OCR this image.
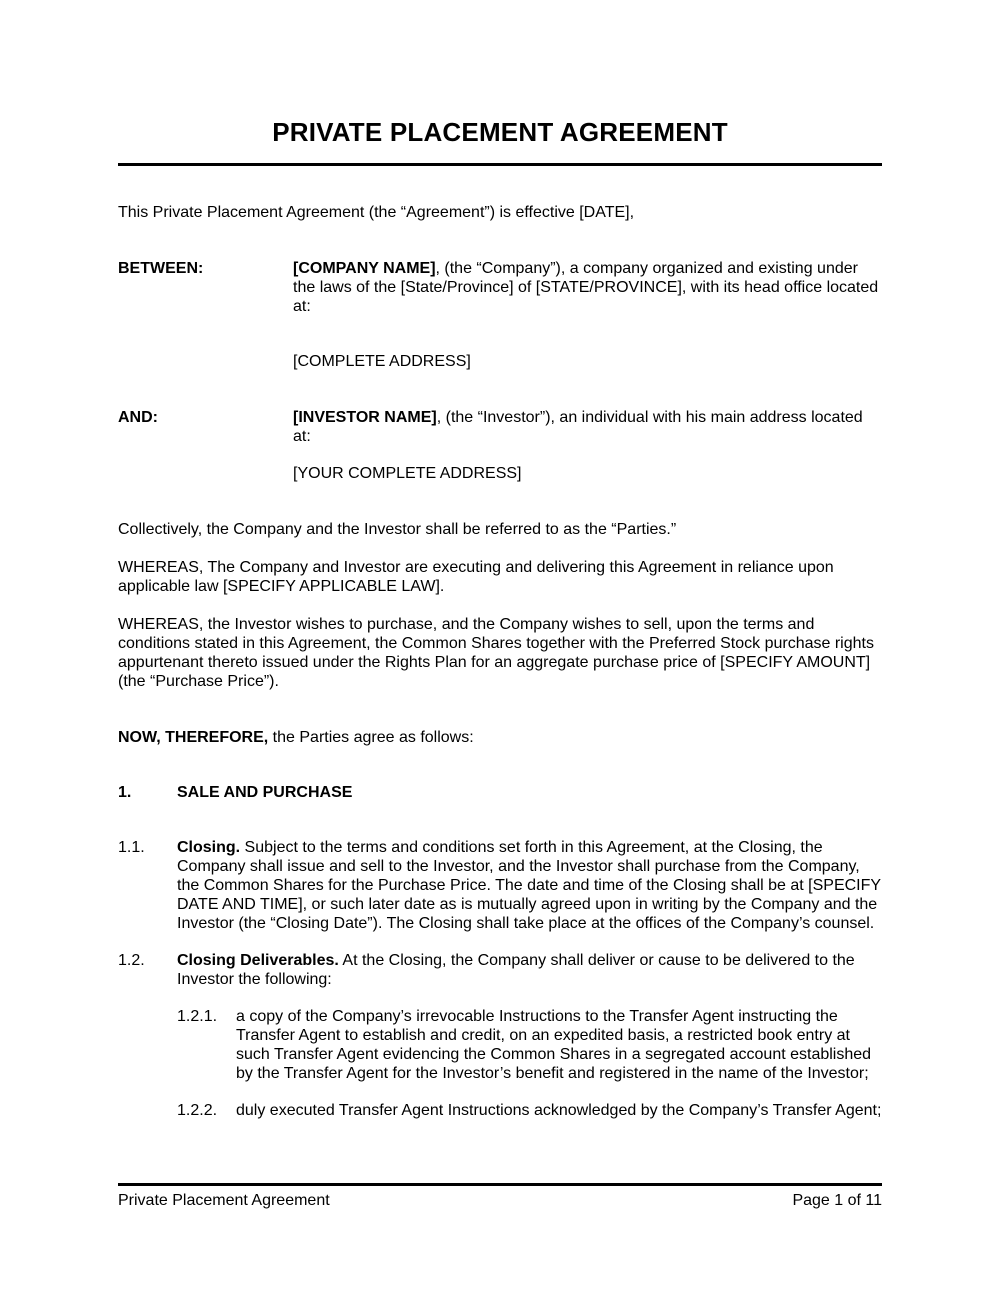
PRIVATE PLACEMENT AGREEMENT

This Private Placement Agreement (the “Agreement”) is effective [DATE],

BETWEEN:	[COMPANY NAME], (the “Company”), a company organized and existing under the laws of the [State/Province] of [STATE/PROVINCE], with its head office located at:

[COMPLETE ADDRESS]

AND:	[INVESTOR NAME], (the “Investor”), an individual with his main address located at:

[YOUR COMPLETE ADDRESS]

Collectively, the Company and the Investor shall be referred to as the “Parties.”

WHEREAS, The Company and Investor are executing and delivering this Agreement in reliance upon applicable law [SPECIFY APPLICABLE LAW].

WHEREAS, the Investor wishes to purchase, and the Company wishes to sell, upon the terms and conditions stated in this Agreement, the Common Shares together with the Preferred Stock purchase rights appurtenant thereto issued under the Rights Plan for an aggregate purchase price of [SPECIFY AMOUNT] (the “Purchase Price”).

NOW, THEREFORE, the Parties agree as follows:

1.	SALE AND PURCHASE
1.1.	Closing. Subject to the terms and conditions set forth in this Agreement, at the Closing, the Company shall issue and sell to the Investor, and the Investor shall purchase from the Company, the Common Shares for the Purchase Price. The date and time of the Closing shall be at [SPECIFY DATE AND TIME], or such later date as is mutually agreed upon in writing by the Company and the Investor (the “Closing Date”). The Closing shall take place at the offices of the Company’s counsel.

1.2.	Closing Deliverables. At the Closing, the Company shall deliver or cause to be delivered to the Investor the following:

1.2.1.	a copy of the Company’s irrevocable Instructions to the Transfer Agent instructing the Transfer Agent to establish and credit, on an expedited basis, a restricted book entry at such Transfer Agent evidencing the Common Shares in a segregated account established by the Transfer Agent for the Investor’s benefit and registered in the name of the Investor;

1.2.2.	duly executed Transfer Agent Instructions acknowledged by the Company’s Transfer Agent;

Private Placement Agreement	Page 1 of 11
